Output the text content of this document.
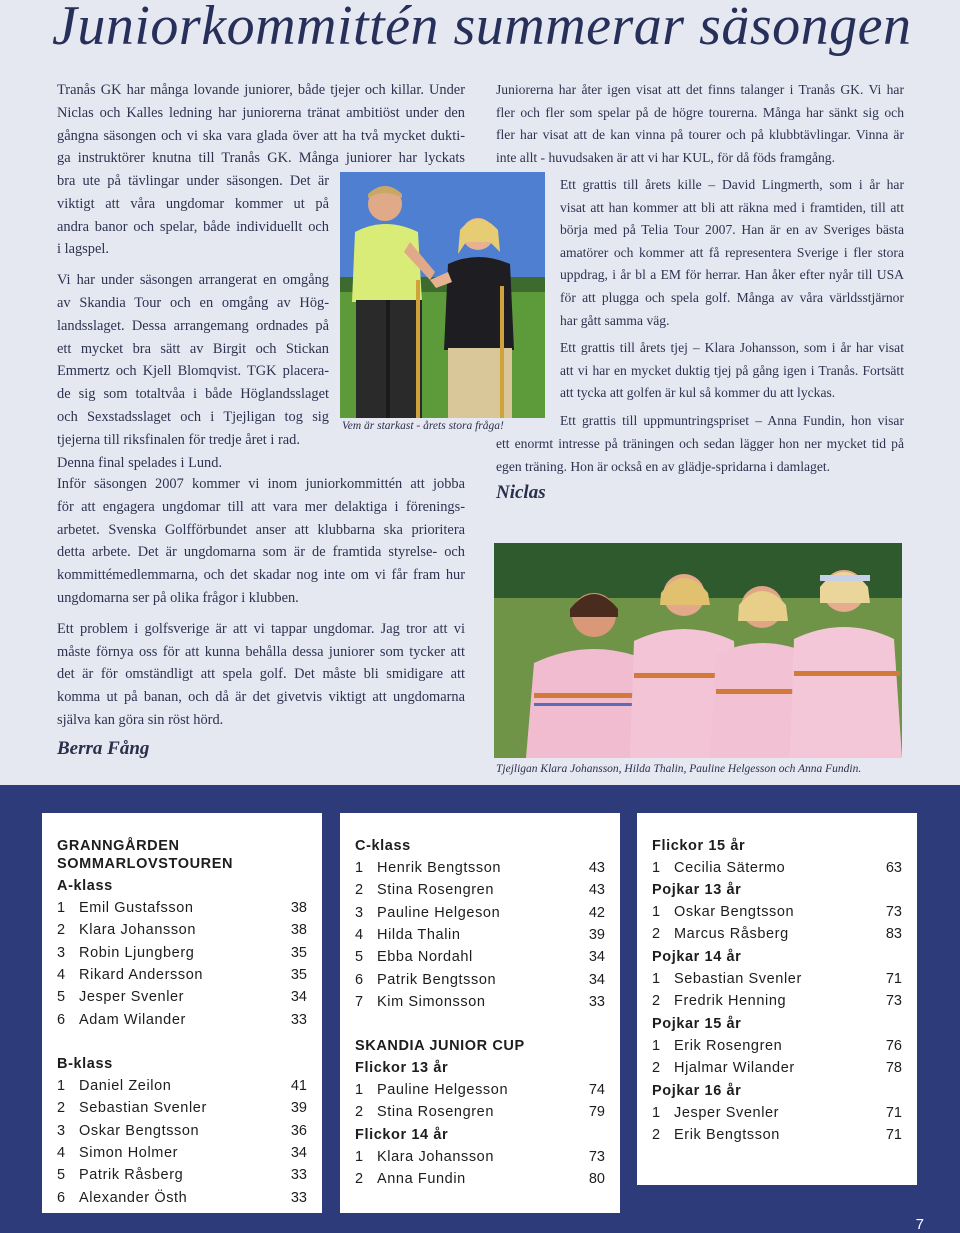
Juniorkommittén summerar säsongen
Tranås GK har många lovande juniorer, både tjejer och killar. Under
Niclas och Kalles ledning har juniorerna tränat ambitiöst under den
gångna säsongen och vi ska vara glada över att ha två mycket dukti-
ga instruktörer knutna till Tranås GK. Många juniorer har lyckats
bra ute på tävlingar under säsongen. Det är
viktigt att våra ungdomar kommer ut på
andra banor och spelar, både individuellt och
i lagspel.
Vi har under säsongen arrangerat en omgång
av Skandia Tour och en omgång av Hög-
landsslaget. Dessa arrangemang ordnades på
ett mycket bra sätt av Birgit och Stickan
Emmertz och Kjell Blomqvist. TGK placera-
de sig som totaltvåa i både Höglandsslaget
och Sexstadsslaget och i Tjejligan tog sig
tjejerna till riksfinalen för tredje året i rad.
Denna final spelades i Lund.
Inför säsongen 2007 kommer vi inom juniorkommittén att jobba
för att engagera ungdomar till att vara mer delaktiga i förenings-
arbetet. Svenska Golfförbundet anser att klubbarna ska prioritera
detta arbete. Det är ungdomarna som är de framtida styrelse- och
kommittémedlemmarna, och det skadar nog inte om vi får fram hur
ungdomarna ser på olika frågor i klubben.
Ett problem i golfsverige är att vi tappar ungdomar. Jag tror att vi
måste förnya oss för att kunna behålla dessa juniorer som tycker att
det är för omständligt att spela golf. Det måste bli smidigare att
komma ut på banan, och då är det givetvis viktigt att ungdomarna
själva kan göra sin röst hörd.
Berra Fång
Vem är starkast - årets stora fråga!
Juniorerna har åter igen visat att det finns talanger i Tranås GK. Vi har
fler och fler som spelar på de högre tourerna. Många har sänkt sig och
fler har visat att de kan vinna på tourer och på klubbtävlingar. Vinna är
inte allt - huvudsaken är att vi har KUL, för då föds framgång.
Ett grattis till årets kille – David Lingmerth, som i år har
visat att han kommer att bli att räkna med i framtiden, till att
börja med på Telia Tour 2007. Han är en av Sveriges bästa
amatörer och kommer att få representera Sverige i fler stora
uppdrag, i år bl a EM för herrar. Han åker efter nyår till USA
för att plugga och spela golf. Många av våra världsstjärnor
har gått samma väg.
Ett grattis till årets tjej – Klara Johansson, som i år har visat
att vi har en mycket duktig tjej på gång igen i Tranås. Fortsätt
att tycka att golfen är kul så kommer du att lyckas.
Ett grattis till uppmuntringspriset – Anna Fundin, hon visar
ett enormt intresse på träningen och sedan lägger hon ner mycket tid på
egen träning. Hon är också en av glädje-spridarna i damlaget.
Niclas
Tjejligan Klara Johansson, Hilda Thalin, Pauline Helgesson och Anna Fundin.
GRANNGÅRDEN
SOMMARLOVSTOUREN
A-klass
1 Emil Gustafsson	38
2 Klara Johansson	38
3 Robin Ljungberg	35
4 Rikard Andersson	35
5 Jesper Svenler	34
6 Adam Wilander	33
B-klass
1 Daniel Zeilon	41
2 Sebastian Svenler	39
3 Oskar Bengtsson	36
4 Simon Holmer	34
5 Patrik Råsberg	33
6 Alexander Östh	33
C-klass
1 Henrik Bengtsson	43
2 Stina Rosengren	43
3 Pauline Helgeson	42
4 Hilda Thalin	39
5 Ebba Nordahl	34
6 Patrik Bengtsson	34
7 Kim Simonsson	33
SKANDIA JUNIOR CUP
Flickor 13 år
1 Pauline Helgesson	74
2 Stina Rosengren	79
Flickor 14 år
1 Klara Johansson	73
2 Anna Fundin	80
Flickor 15 år
1 Cecilia Sätermo	63
Pojkar 13 år
1 Oskar Bengtsson	73
2 Marcus Råsberg	83
Pojkar 14 år
1 Sebastian Svenler	71
2 Fredrik Henning	73
Pojkar 15 år
1 Erik Rosengren	76
2 Hjalmar Wilander	78
Pojkar 16 år
1 Jesper Svenler	71
2 Erik Bengtsson	71
7
